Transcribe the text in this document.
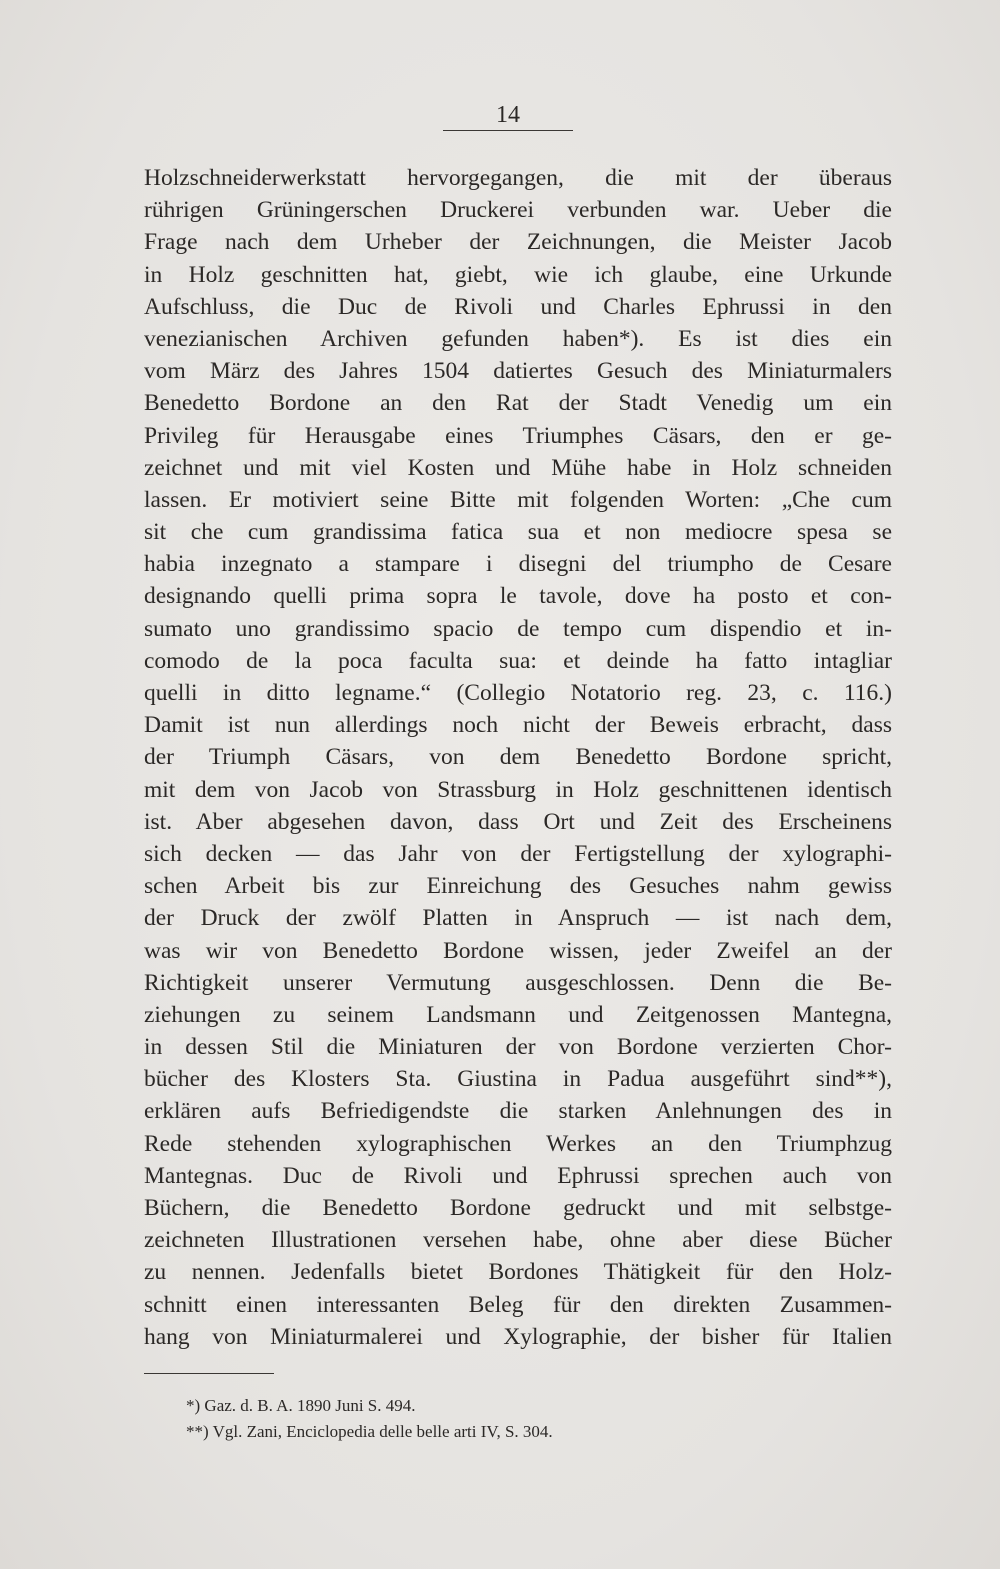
14
Holzschneiderwerkstatt hervorgegangen, die mit der überaus
rührigen Grüningerschen Druckerei verbunden war. Ueber die
Frage nach dem Urheber der Zeichnungen, die Meister Jacob
in Holz geschnitten hat, giebt, wie ich glaube, eine Urkunde
Aufschluss, die Duc de Rivoli und Charles Ephrussi in den
venezianischen Archiven gefunden haben*). Es ist dies ein
vom März des Jahres 1504 datiertes Gesuch des Miniaturmalers
Benedetto Bordone an den Rat der Stadt Venedig um ein
Privileg für Herausgabe eines Triumphes Cäsars, den er ge-
zeichnet und mit viel Kosten und Mühe habe in Holz schneiden
lassen. Er motiviert seine Bitte mit folgenden Worten: „Che cum
sit che cum grandissima fatica sua et non mediocre spesa se
habia inzegnato a stampare i disegni del triumpho de Cesare
designando quelli prima sopra le tavole, dove ha posto et con-
sumato uno grandissimo spacio de tempo cum dispendio et in-
comodo de la poca faculta sua: et deinde ha fatto intagliar
quelli in ditto legname.“ (Collegio Notatorio reg. 23, c. 116.)
Damit ist nun allerdings noch nicht der Beweis erbracht, dass
der Triumph Cäsars, von dem Benedetto Bordone spricht,
mit dem von Jacob von Strassburg in Holz geschnittenen identisch
ist. Aber abgesehen davon, dass Ort und Zeit des Erscheinens
sich decken — das Jahr von der Fertigstellung der xylographi-
schen Arbeit bis zur Einreichung des Gesuches nahm gewiss
der Druck der zwölf Platten in Anspruch — ist nach dem,
was wir von Benedetto Bordone wissen, jeder Zweifel an der
Richtigkeit unserer Vermutung ausgeschlossen. Denn die Be-
ziehungen zu seinem Landsmann und Zeitgenossen Mantegna,
in dessen Stil die Miniaturen der von Bordone verzierten Chor-
bücher des Klosters Sta. Giustina in Padua ausgeführt sind**),
erklären aufs Befriedigendste die starken Anlehnungen des in
Rede stehenden xylographischen Werkes an den Triumphzug
Mantegnas. Duc de Rivoli und Ephrussi sprechen auch von
Büchern, die Benedetto Bordone gedruckt und mit selbstge-
zeichneten Illustrationen versehen habe, ohne aber diese Bücher
zu nennen. Jedenfalls bietet Bordones Thätigkeit für den Holz-
schnitt einen interessanten Beleg für den direkten Zusammen-
hang von Miniaturmalerei und Xylographie, der bisher für Italien
*) Gaz. d. B. A. 1890 Juni S. 494.
**) Vgl. Zani, Enciclopedia delle belle arti IV, S. 304.
